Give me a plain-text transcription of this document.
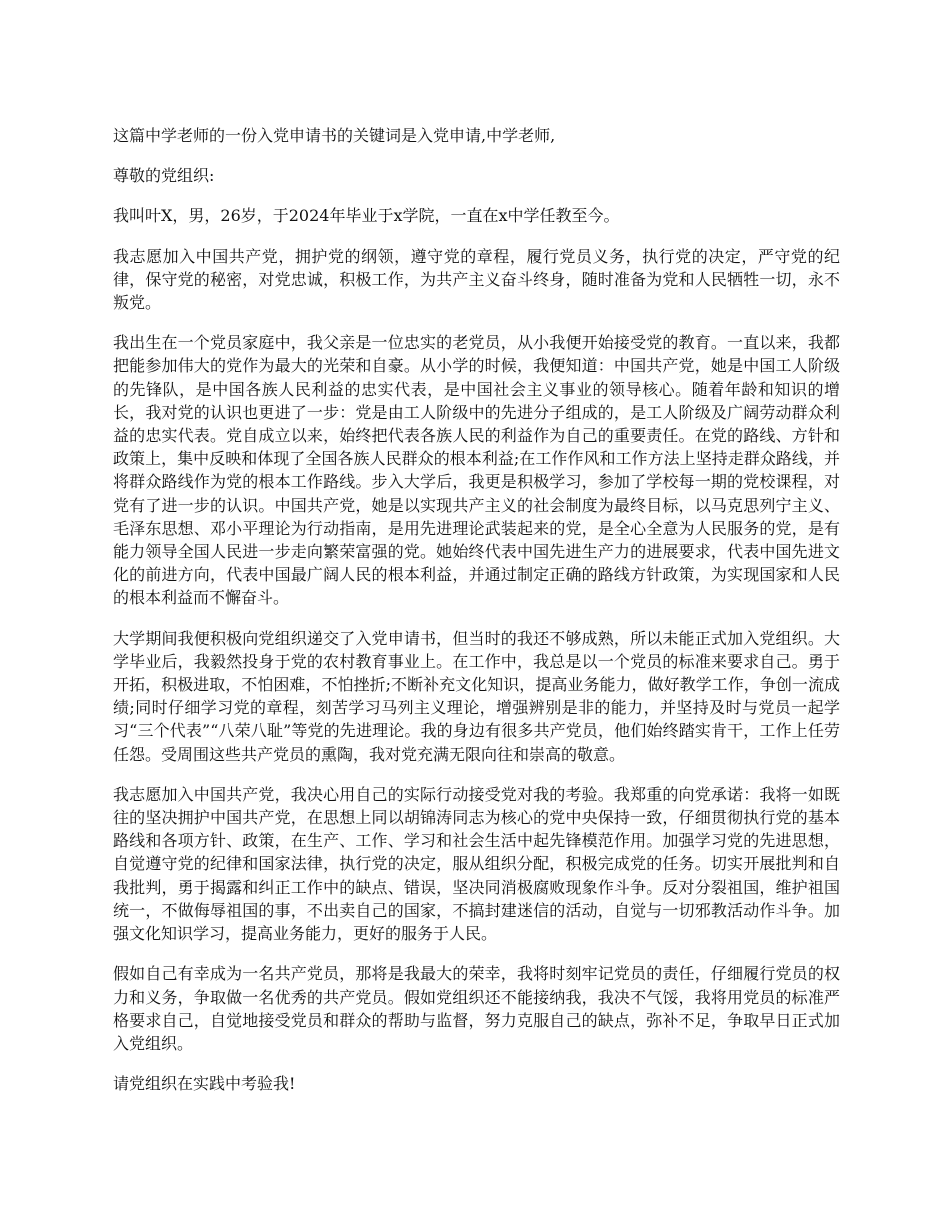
这篇中学老师的一份入党申请书的关键词是入党申请,中学老师,

尊敬的党组织:

我叫叶X，男，26岁，于2024年毕业于x学院，一直在x中学任教至今。

我志愿加入中国共产党，拥护党的纲领，遵守党的章程，履行党员义务，执行党的决定，严守党的纪律，保守党的秘密，对党忠诚，积极工作，为共产主义奋斗终身，随时准备为党和人民牺牲一切，永不叛党。

我出生在一个党员家庭中，我父亲是一位忠实的老党员，从小我便开始接受党的教育。一直以来，我都把能参加伟大的党作为最大的光荣和自豪。从小学的时候，我便知道：中国共产党，她是中国工人阶级的先锋队，是中国各族人民利益的忠实代表，是中国社会主义事业的领导核心。随着年龄和知识的增长，我对党的认识也更进了一步：党是由工人阶级中的先进分子组成的，是工人阶级及广阔劳动群众利益的忠实代表。党自成立以来，始终把代表各族人民的利益作为自己的重要责任。在党的路线、方针和政策上，集中反映和体现了全国各族人民群众的根本利益;在工作作风和工作方法上坚持走群众路线，并将群众路线作为党的根本工作路线。步入大学后，我更是积极学习，参加了学校每一期的党校课程，对党有了进一步的认识。中国共产党，她是以实现共产主义的社会制度为最终目标，以马克思列宁主义、毛泽东思想、邓小平理论为行动指南，是用先进理论武装起来的党，是全心全意为人民服务的党，是有能力领导全国人民进一步走向繁荣富强的党。她始终代表中国先进生产力的进展要求，代表中国先进文化的前进方向，代表中国最广阔人民的根本利益，并通过制定正确的路线方针政策，为实现国家和人民的根本利益而不懈奋斗。

大学期间我便积极向党组织递交了入党申请书，但当时的我还不够成熟，所以未能正式加入党组织。大学毕业后，我毅然投身于党的农村教育事业上。在工作中，我总是以一个党员的标准来要求自己。勇于开拓，积极进取，不怕困难，不怕挫折;不断补充文化知识，提高业务能力，做好教学工作，争创一流成绩;同时仔细学习党的章程，刻苦学习马列主义理论，增强辨别是非的能力，并坚持及时与党员一起学习“三个代表”“八荣八耻”等党的先进理论。我的身边有很多共产党员，他们始终踏实肯干，工作上任劳任怨。受周围这些共产党员的熏陶，我对党充满无限向往和崇高的敬意。

我志愿加入中国共产党，我决心用自己的实际行动接受党对我的考验。我郑重的向党承诺：我将一如既往的坚决拥护中国共产党，在思想上同以胡锦涛同志为核心的党中央保持一致，仔细贯彻执行党的基本路线和各项方针、政策，在生产、工作、学习和社会生活中起先锋模范作用。加强学习党的先进思想，自觉遵守党的纪律和国家法律，执行党的决定，服从组织分配，积极完成党的任务。切实开展批判和自我批判，勇于揭露和纠正工作中的缺点、错误，坚决同消极腐败现象作斗争。反对分裂祖国，维护祖国统一，不做侮辱祖国的事，不出卖自己的国家，不搞封建迷信的活动，自觉与一切邪教活动作斗争。加强文化知识学习，提高业务能力，更好的服务于人民。

假如自己有幸成为一名共产党员，那将是我最大的荣幸，我将时刻牢记党员的责任，仔细履行党员的权力和义务，争取做一名优秀的共产党员。假如党组织还不能接纳我，我决不气馁，我将用党员的标准严格要求自己，自觉地接受党员和群众的帮助与监督，努力克服自己的缺点，弥补不足，争取早日正式加入党组织。

请党组织在实践中考验我!
